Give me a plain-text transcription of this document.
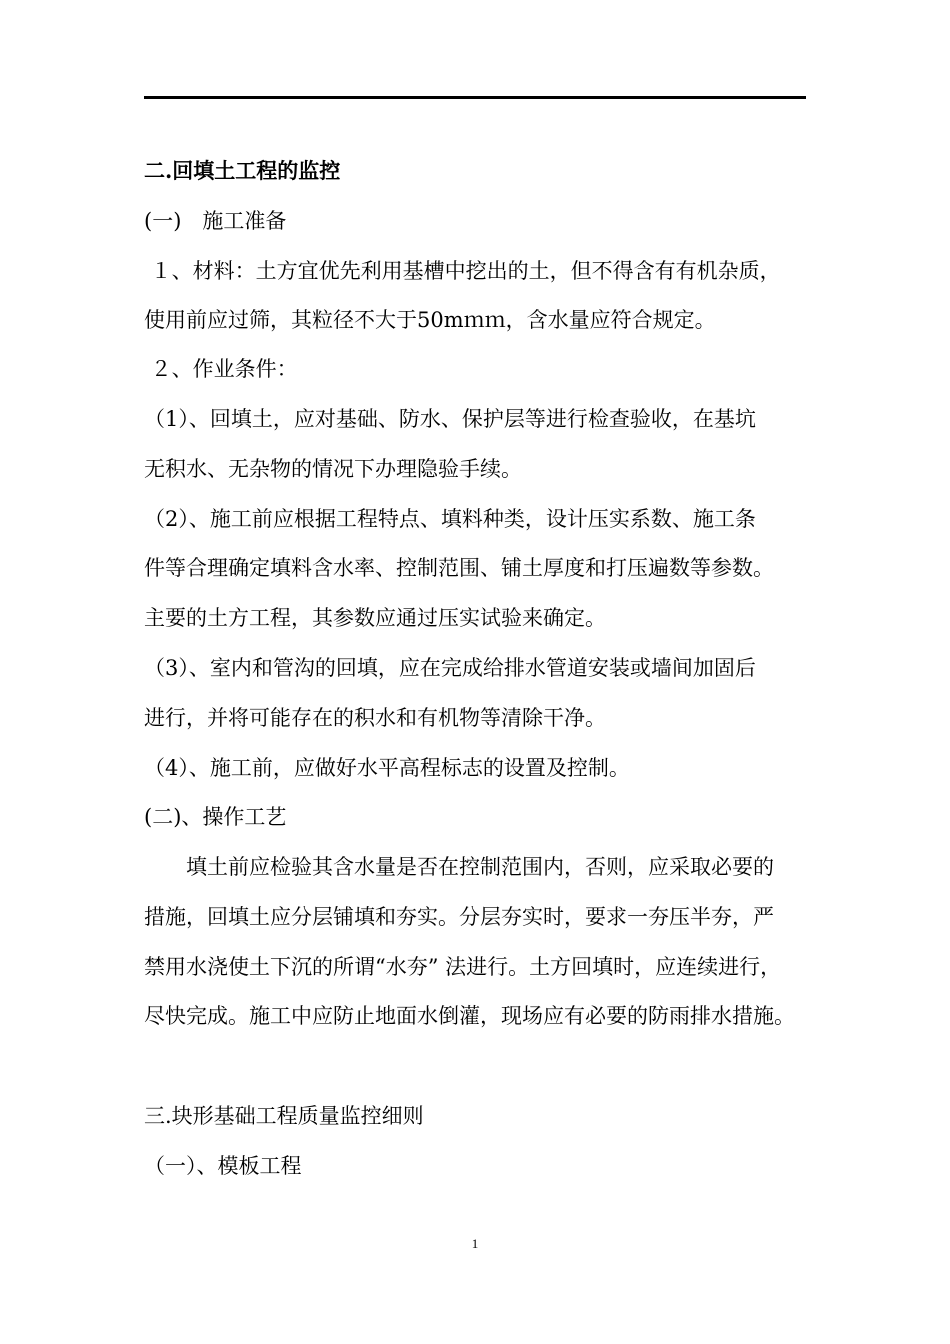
二.回填土工程的监控
(一)　施工准备
１、材料：土方宜优先利用基槽中挖出的土，但不得含有有机杂质，
使用前应过筛，其粒径不大于50mｍｍ，含水量应符合规定。
２、作业条件：
（1）、回填土，应对基础、防水、保护层等进行检查验收，在基坑
无积水、无杂物的情况下办理隐验手续。
（2）、施工前应根据工程特点、填料种类，设计压实系数、施工条
件等合理确定填料含水率、控制范围、铺土厚度和打压遍数等参数。
主要的土方工程，其参数应通过压实试验来确定。
（3）、室内和管沟的回填，应在完成给排水管道安装或墙间加固后
进行，并将可能存在的积水和有机物等清除干净。
（4）、施工前，应做好水平高程标志的设置及控制。
(二)、操作工艺
　　填土前应检验其含水量是否在控制范围内，否则，应采取必要的
措施，回填土应分层铺填和夯实。分层夯实时，要求一夯压半夯，严
禁用水浇使土下沉的所谓“水夯” 法进行。土方回填时，应连续进行，
尽快完成。施工中应防止地面水倒灌，现场应有必要的防雨排水措施。
三.块形基础工程质量监控细则
（一）、模板工程
1
